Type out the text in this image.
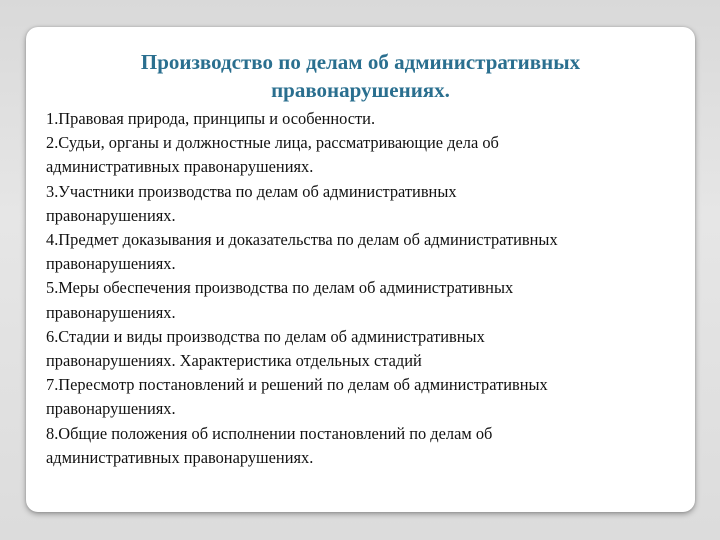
Производство по делам об административных
правонарушениях.
1.Правовая природа, принципы и особенности.
2.Судьи, органы и должностные лица, рассматривающие дела об
административных правонарушениях.
3.Участники производства по делам об административных
правонарушениях.
4.Предмет доказывания и доказательства по делам об административных
правонарушениях.
5.Меры обеспечения производства по делам об административных
правонарушениях.
6.Стадии и виды производства по делам об административных
правонарушениях. Характеристика отдельных стадий
7.Пересмотр постановлений и решений по делам об административных
правонарушениях.
8.Общие положения об исполнении постановлений по делам об
административных правонарушениях.
